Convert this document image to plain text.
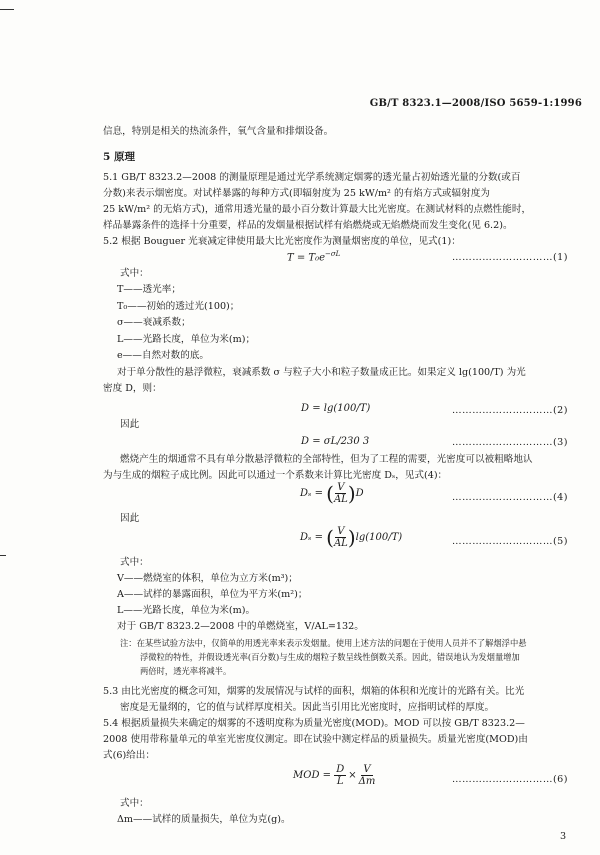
GB/T 8323.1—2008/ISO 5659-1:1996
信息，特别是相关的热流条件，氧气含量和排烟设备。
5 原理
5.1 GB/T 8323.2—2008 的测量原理是通过光学系统测定烟雾的透光量占初始透光量的分数(或百
分数)来表示烟密度。对试样暴露的每种方式(即辐射度为 25 kW/m² 的有焰方式或辐射度为
25 kW/m² 的无焰方式)，通常用透光量的最小百分数计算最大比光密度。在测试材料的点燃性能时，
样品暴露条件的选择十分重要，样品的发烟量根据试样有焰燃烧或无焰燃烧而发生变化(见 6.2)。
5.2 根据 Bouguer 光衰减定律使用最大比光密度作为测量烟密度的单位，见式(1)：
$T = T_0e^{-\sigma L}$	…………………………(1)
式中：
T——透光率；
T₀——初始的透过光(100)；
σ——衰减系数；
L——光路长度，单位为米(m)；
e——自然对数的底。
对于单分散性的悬浮微粒，衰减系数 σ 与粒子大小和粒子数量成正比。如果定义 lg(100/T) 为光
密度 D，则：
D = lg(100/T)	…………………………(2)
因此
D = σL/230 3	…………………………(3)
燃烧产生的烟通常不具有单分散悬浮微粒的全部特性，但为了工程的需要，光密度可以被粗略地认
为与生成的烟粒子成比例。因此可以通过一个系数来计算比光密度 Dₛ，见式(4)：
Dₛ = ( $\frac{V}{AL} )D$	…………………………(4)
因此
Dₛ = ( $\frac{V}{AL} )\lg(100/T)$	…………………………(5)
式中：
V——燃烧室的体积，单位为立方米(m³)；
A——试样的暴露面积，单位为平方米(m²)；
L——光路长度，单位为米(m)。
对于 GB/T 8323.2—2008 中的单燃烧室，V/AL=132。
注：在某些试验方法中，仅简单的用透光率来表示发烟量。使用上述方法的问题在于使用人员并不了解烟浮中悬
浮微粒的特性，并假设透光率(百分数)与生成的烟粒子数呈线性倒数关系。因此，错误地认为发烟量增加
两倍时，透光率将减半。
5.3 由比光密度的概念可知，烟雾的发展情况与试样的面积，烟箱的体积和光度计的光路有关。比光
密度是无量纲的，它的值与试样厚度相关。因此当引用比光密度时，应指明试样的厚度。
5.4 根据质量损失来确定的烟雾的不透明度称为质量光密度(MOD)。MOD 可以按 GB/T 8323.2—
2008 使用带称量单元的单室光密度仪测定。即在试验中测定样品的质量损失。质量光密度(MOD)由
式(6)给出：
MOD = $\frac{D}{L} \times \frac{V}{\Delta m}$	…………………………(6)
式中：
Δm——试样的质量损失，单位为克(g)。
3
